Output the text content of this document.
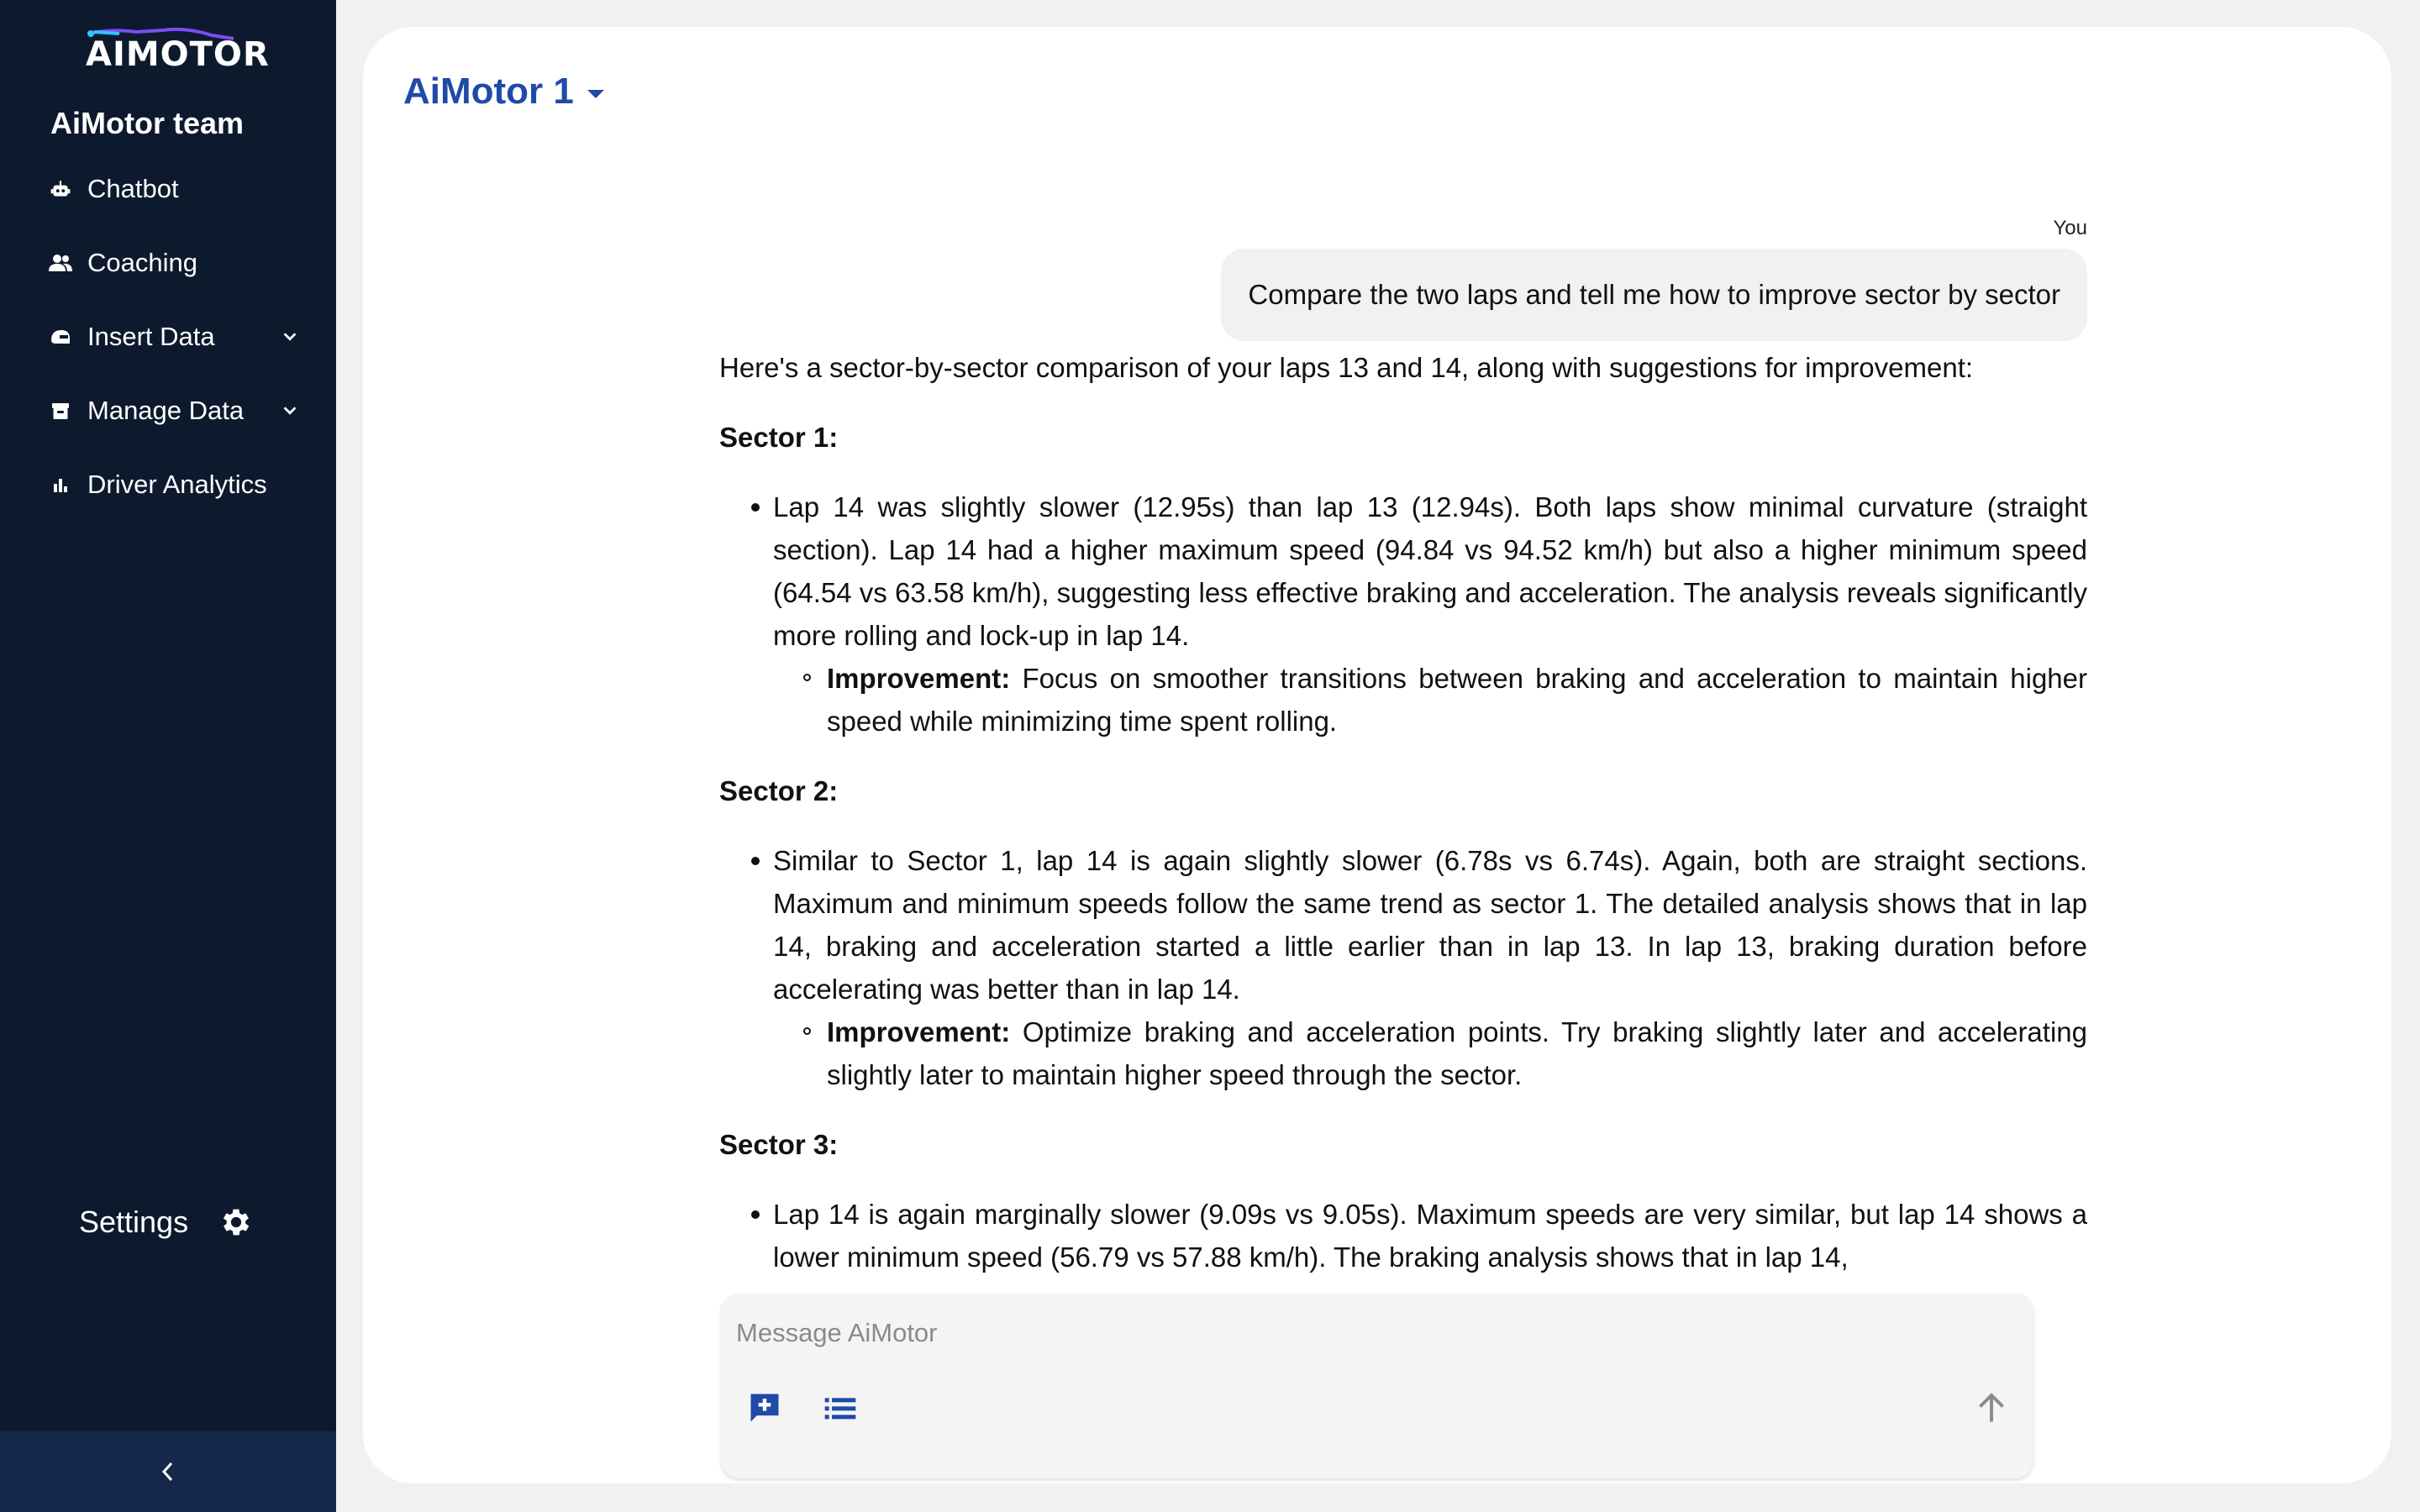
AIMOTOR
AiMotor team
Chatbot
Coaching
Insert Data
Manage Data
Driver Analytics
Settings
AiMotor 1
You
Compare the two laps and tell me how to improve sector by sector

Here's a sector-by-sector comparison of your laps 13 and 14, along with suggestions for improvement:

Sector 1:
Lap 14 was slightly slower (12.95s) than lap 13 (12.94s). Both laps show minimal curvature (straight section). Lap 14 had a higher maximum speed (94.84 vs 94.52 km/h) but also a higher minimum speed (64.54 vs 63.58 km/h), suggesting less effective braking and acceleration. The analysis reveals significantly more rolling and lock-up in lap 14.
Improvement: Focus on smoother transitions between braking and acceleration to maintain higher speed while minimizing time spent rolling.
Sector 2:
Similar to Sector 1, lap 14 is again slightly slower (6.78s vs 6.74s). Again, both are straight sections. Maximum and minimum speeds follow the same trend as sector 1. The detailed analysis shows that in lap 14, braking and acceleration started a little earlier than in lap 13. In lap 13, braking duration before accelerating was better than in lap 14.
Improvement: Optimize braking and acceleration points. Try braking slightly later and accelerating slightly later to maintain higher speed through the sector.
Sector 3:
Lap 14 is again marginally slower (9.09s vs 9.05s). Maximum speeds are very similar, but lap 14 shows a lower minimum speed (56.79 vs 57.88 km/h). The braking analysis shows that in lap 14,
Message AiMotor
